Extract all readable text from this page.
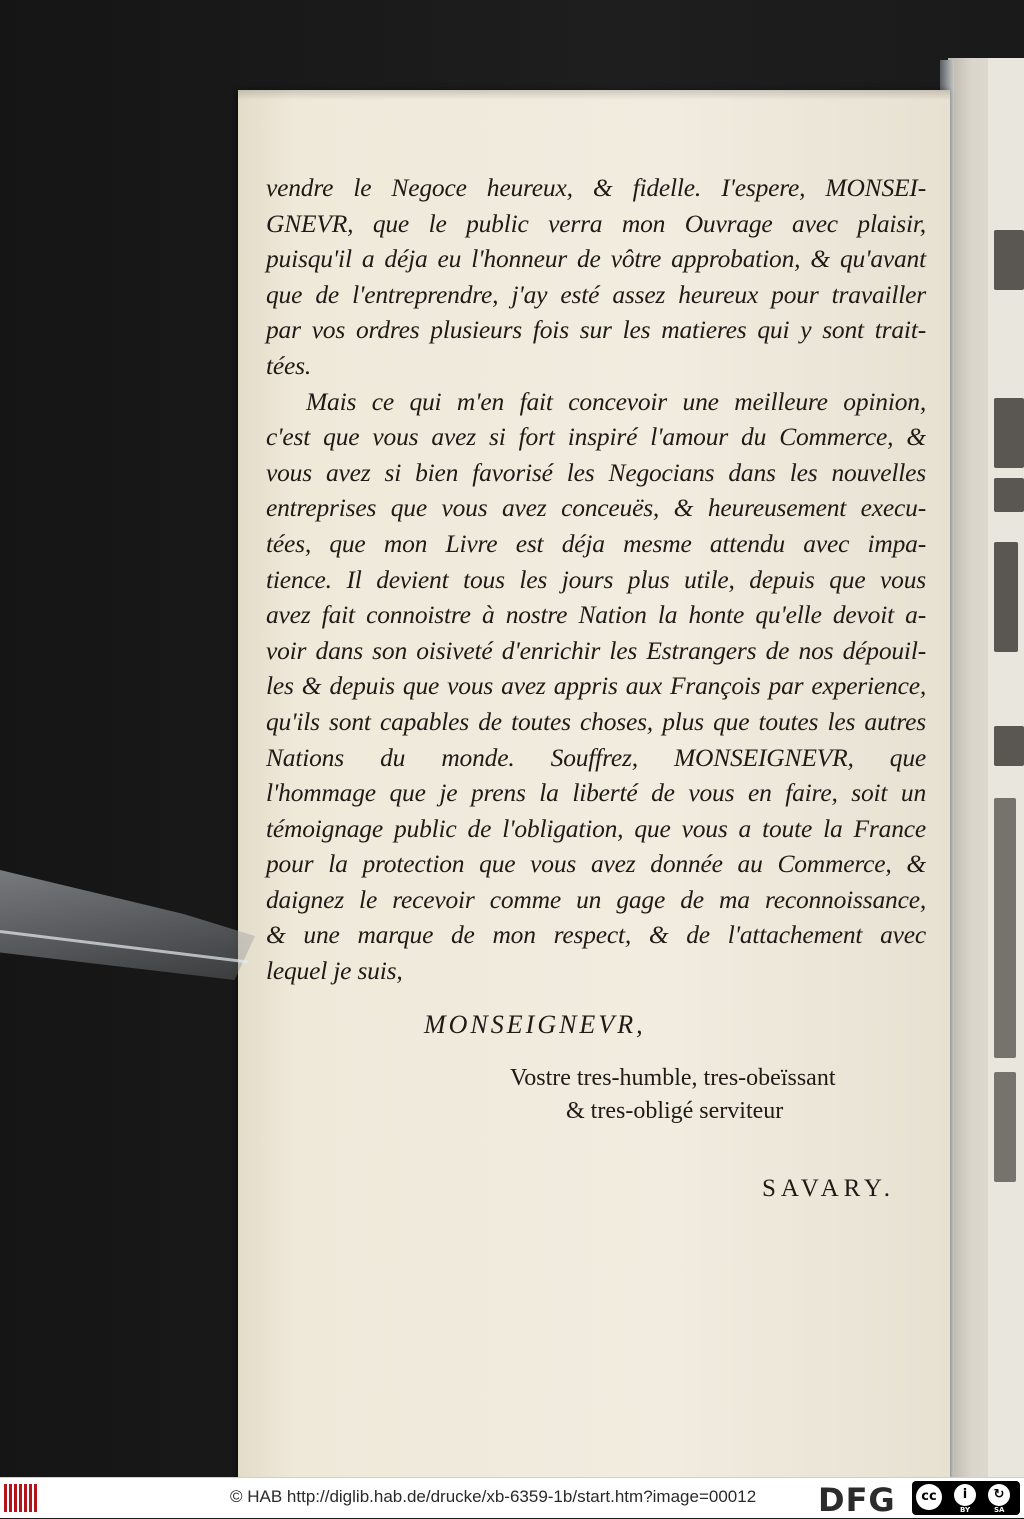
vendre le Negoce heureux, & fidelle. I'espere, MONSEI-
GNEVR, que le public verra mon Ouvrage avec plaisir,
puisqu'il a déja eu l'honneur de vôtre approbation, & qu'avant
que de l'entreprendre, j'ay esté assez heureux pour travailler
par vos ordres plusieurs fois sur les matieres qui y sont trait-
tées.
Mais ce qui m'en fait concevoir une meilleure opinion,
c'est que vous avez si fort inspiré l'amour du Commerce, &
vous avez si bien favorisé les Negocians dans les nouvelles
entreprises que vous avez conceuës, & heureusement execu-
tées, que mon Livre est déja mesme attendu avec impa-
tience. Il devient tous les jours plus utile, depuis que vous
avez fait connoistre à nostre Nation la honte qu'elle devoit a-
voir dans son oisiveté d'enrichir les Estrangers de nos dépouil-
les & depuis que vous avez appris aux François par experience,
qu'ils sont capables de toutes choses, plus que toutes les autres
Nations du monde. Souffrez, MONSEIGNEVR, que
l'hommage que je prens la liberté de vous en faire, soit un
témoignage public de l'obligation, que vous a toute la France
pour la protection que vous avez donnée au Commerce, &
daignez le recevoir comme un gage de ma reconnoissance,
& une marque de mon respect, & de l'attachement avec
lequel je suis,
MONSEIGNEVR,
Vostre tres-humble, tres-obeïssant
& tres-obligé serviteur
SAVARY.
© HAB http://diglib.hab.de/drucke/xb-6359-1b/start.htm?image=00012 DFG	cc	i	↻
BY	SA
